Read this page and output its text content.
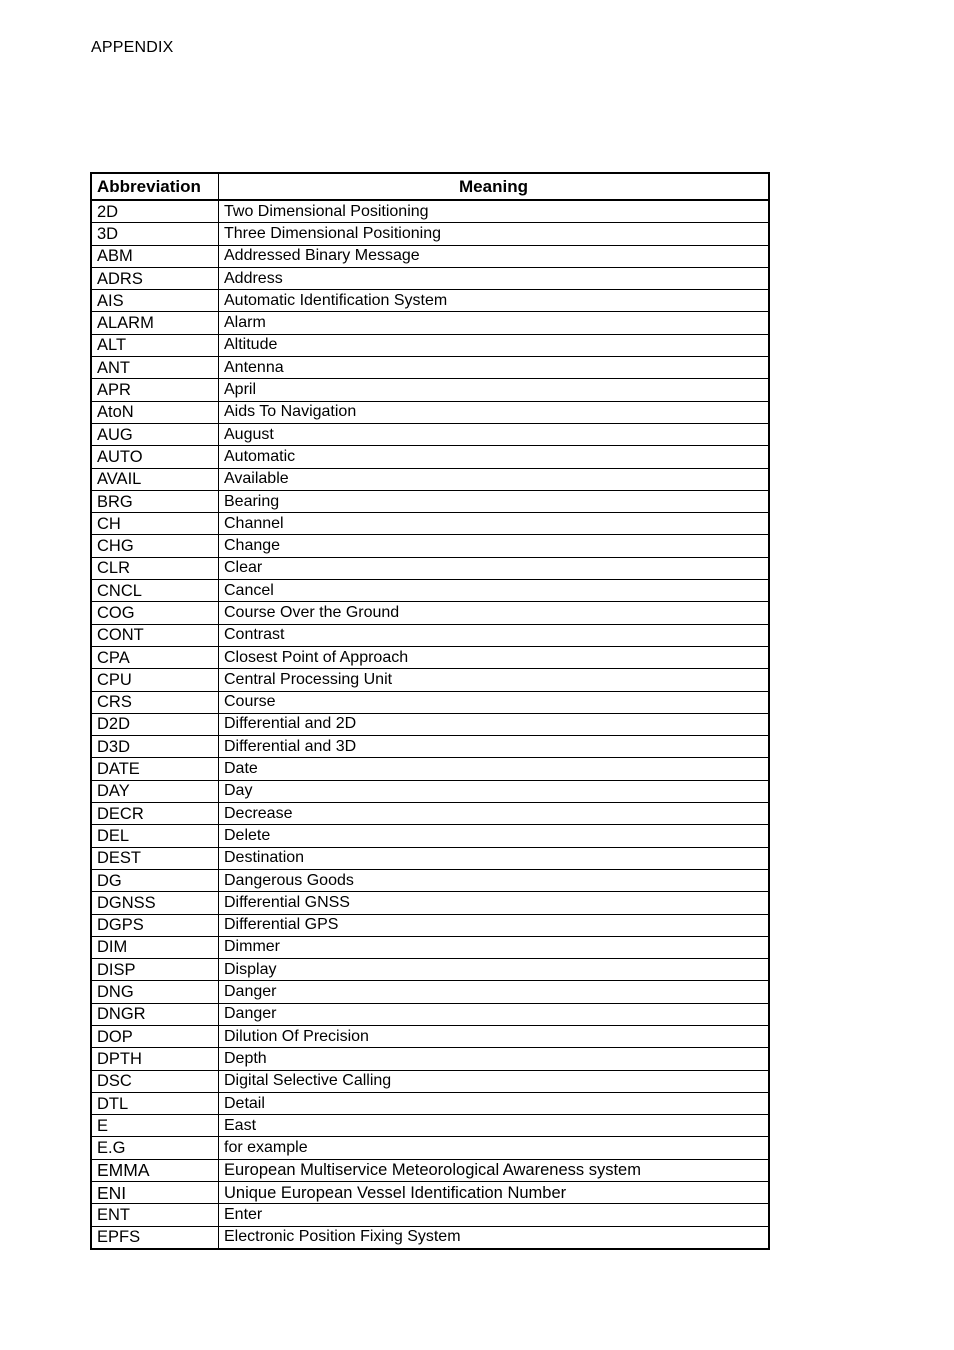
APPENDIX
Abbreviation	Meaning
2D	Two Dimensional Positioning
3D	Three Dimensional Positioning
ABM	Addressed Binary Message
ADRS	Address
AIS	Automatic Identification System
ALARM	Alarm
ALT	Altitude
ANT	Antenna
APR	April
AtoN	Aids To Navigation
AUG	August
AUTO	Automatic
AVAIL	Available
BRG	Bearing
CH	Channel
CHG	Change
CLR	Clear
CNCL	Cancel
COG	Course Over the Ground
CONT	Contrast
CPA	Closest Point of Approach
CPU	Central Processing Unit
CRS	Course
D2D	Differential and 2D
D3D	Differential and 3D
DATE	Date
DAY	Day
DECR	Decrease
DEL	Delete
DEST	Destination
DG	Dangerous Goods
DGNSS	Differential GNSS
DGPS	Differential GPS
DIM	Dimmer
DISP	Display
DNG	Danger
DNGR	Danger
DOP	Dilution Of Precision
DPTH	Depth
DSC	Digital Selective Calling
DTL	Detail
E	East
E.G	for example
EMMA	European Multiservice Meteorological Awareness system
ENI	Unique European Vessel Identification Number
ENT	Enter
EPFS	Electronic Position Fixing System
